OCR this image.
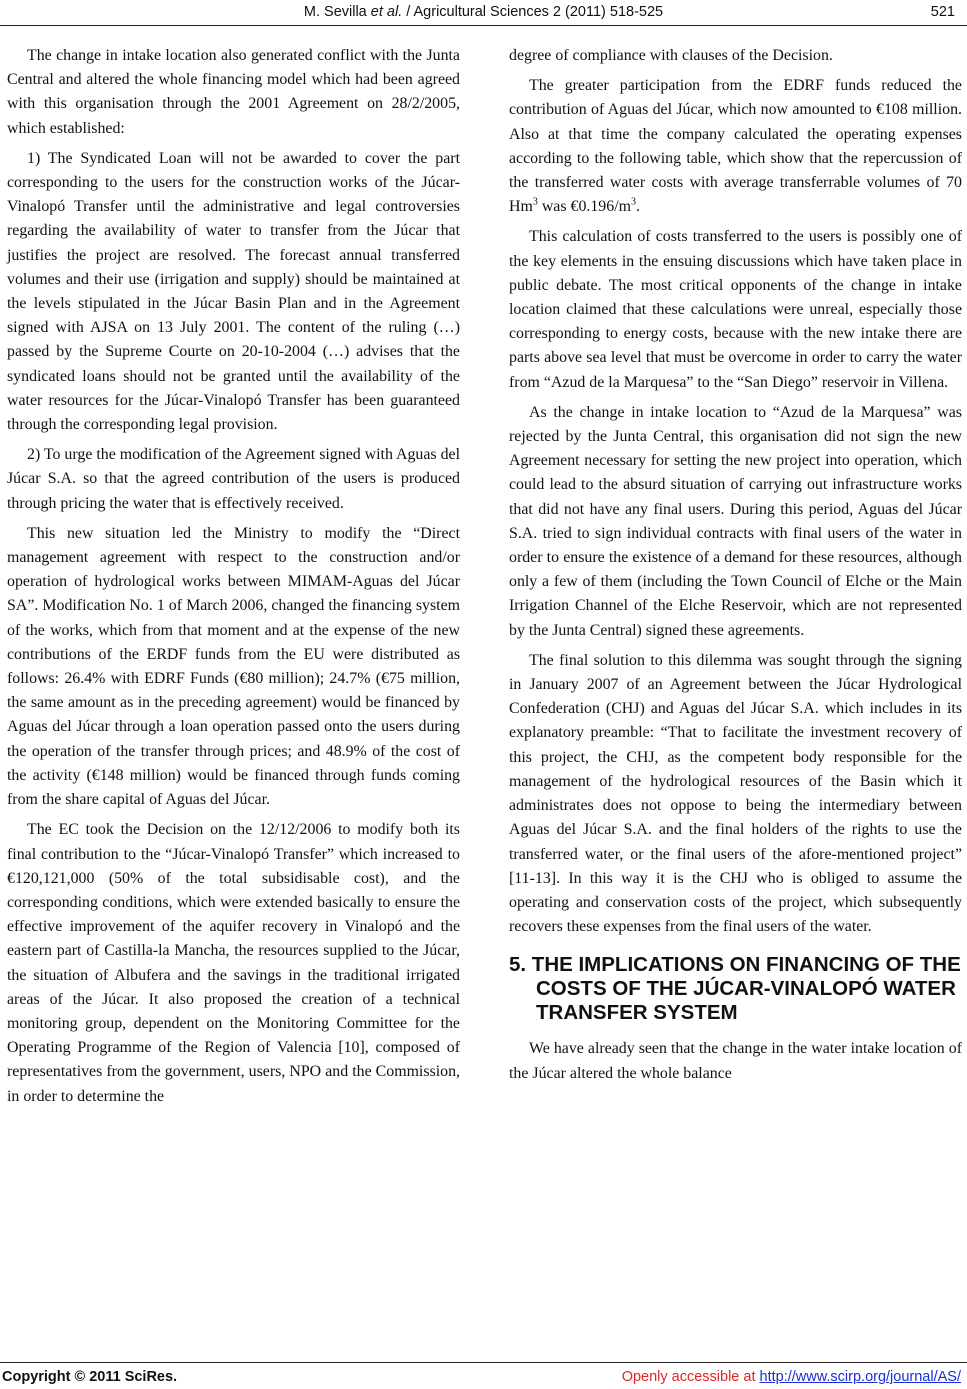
M. Sevilla et al. / Agricultural Sciences 2 (2011) 518-525	521

The change in intake location also generated conflict with the Junta Central and altered the whole financing model which had been agreed with this organisation through the 2001 Agreement on 28/2/2005, which established:

1) The Syndicated Loan will not be awarded to cover the part corresponding to the users for the construction works of the Júcar-Vinalopó Transfer until the administrative and legal controversies regarding the availability of water to transfer from the Júcar that justifies the project are resolved. The forecast annual transferred volumes and their use (irrigation and supply) should be maintained at the levels stipulated in the Júcar Basin Plan and in the Agreement signed with AJSA on 13 July 2001. The content of the ruling (…) passed by the Supreme Courte on 20-10-2004 (…) advises that the syndicated loans should not be granted until the availability of the water resources for the Júcar-Vinalopó Transfer has been guaranteed through the corresponding legal provision.

2) To urge the modification of the Agreement signed with Aguas del Júcar S.A. so that the agreed contribution of the users is produced through pricing the water that is effectively received.

This new situation led the Ministry to modify the “Direct management agreement with respect to the construction and/or operation of hydrological works between MIMAM-Aguas del Júcar SA”. Modification No. 1 of March 2006, changed the financing system of the works, which from that moment and at the expense of the new contributions of the ERDF funds from the EU were distributed as follows: 26.4% with EDRF Funds (€80 million); 24.7% (€75 million, the same amount as in the preceding agreement) would be financed by Aguas del Júcar through a loan operation passed onto the users during the operation of the transfer through prices; and 48.9% of the cost of the activity (€148 million) would be financed through funds coming from the share capital of Aguas del Júcar.

The EC took the Decision on the 12/12/2006 to modify both its final contribution to the “Júcar-Vinalopó Transfer” which increased to €120,121,000 (50% of the total subsidisable cost), and the corresponding conditions, which were extended basically to ensure the effective improvement of the aquifer recovery in Vinalopó and the eastern part of Castilla-la Mancha, the resources supplied to the Júcar, the situation of Albufera and the savings in the traditional irrigated areas of the Júcar. It also proposed the creation of a technical monitoring group, dependent on the Monitoring Committee for the Operating Programme of the Region of Valencia [10], composed of representatives from the government, users, NPO and the Commission, in order to determine the

degree of compliance with clauses of the Decision.

The greater participation from the EDRF funds reduced the contribution of Aguas del Júcar, which now amounted to €108 million. Also at that time the company calculated the operating expenses according to the following table, which show that the repercussion of the transferred water costs with average transferrable volumes of 70 Hm$^3$ was $€0.196/m^3$.

This calculation of costs transferred to the users is possibly one of the key elements in the ensuing discussions which have taken place in public debate. The most critical opponents of the change in intake location claimed that these calculations were unreal, especially those corresponding to energy costs, because with the new intake there are parts above sea level that must be overcome in order to carry the water from “Azud de la Marquesa” to the “San Diego” reservoir in Villena.

As the change in intake location to “Azud de la Marquesa” was rejected by the Junta Central, this organisation did not sign the new Agreement necessary for setting the new project into operation, which could lead to the absurd situation of carrying out infrastructure works that did not have any final users. During this period, Aguas del Júcar S.A. tried to sign individual contracts with final users of the water in order to ensure the existence of a demand for these resources, although only a few of them (including the Town Council of Elche or the Main Irrigation Channel of the Elche Reservoir, which are not represented by the Junta Central) signed these agreements.

The final solution to this dilemma was sought through the signing in January 2007 of an Agreement between the Júcar Hydrological Confederation (CHJ) and Aguas del Júcar S.A. which includes in its explanatory preamble: “That to facilitate the investment recovery of this project, the CHJ, as the competent body responsible for the management of the hydrological resources of the Basin which it administrates does not oppose to being the intermediary between Aguas del Júcar S.A. and the final holders of the rights to use the transferred water, or the final users of the afore-mentioned project” [11-13]. In this way it is the CHJ who is obliged to assume the operating and conservation costs of the project, which subsequently recovers these expenses from the final users of the water.

5. THE IMPLICATIONS ON FINANCING OF THE COSTS OF THE JÚCAR-VINALOPÓ WATER TRANSFER SYSTEM

We have already seen that the change in the water intake location of the Júcar altered the whole balance

Copyright © 2011 SciRes.	Openly accessible at http://www.scirp.org/journal/AS/
